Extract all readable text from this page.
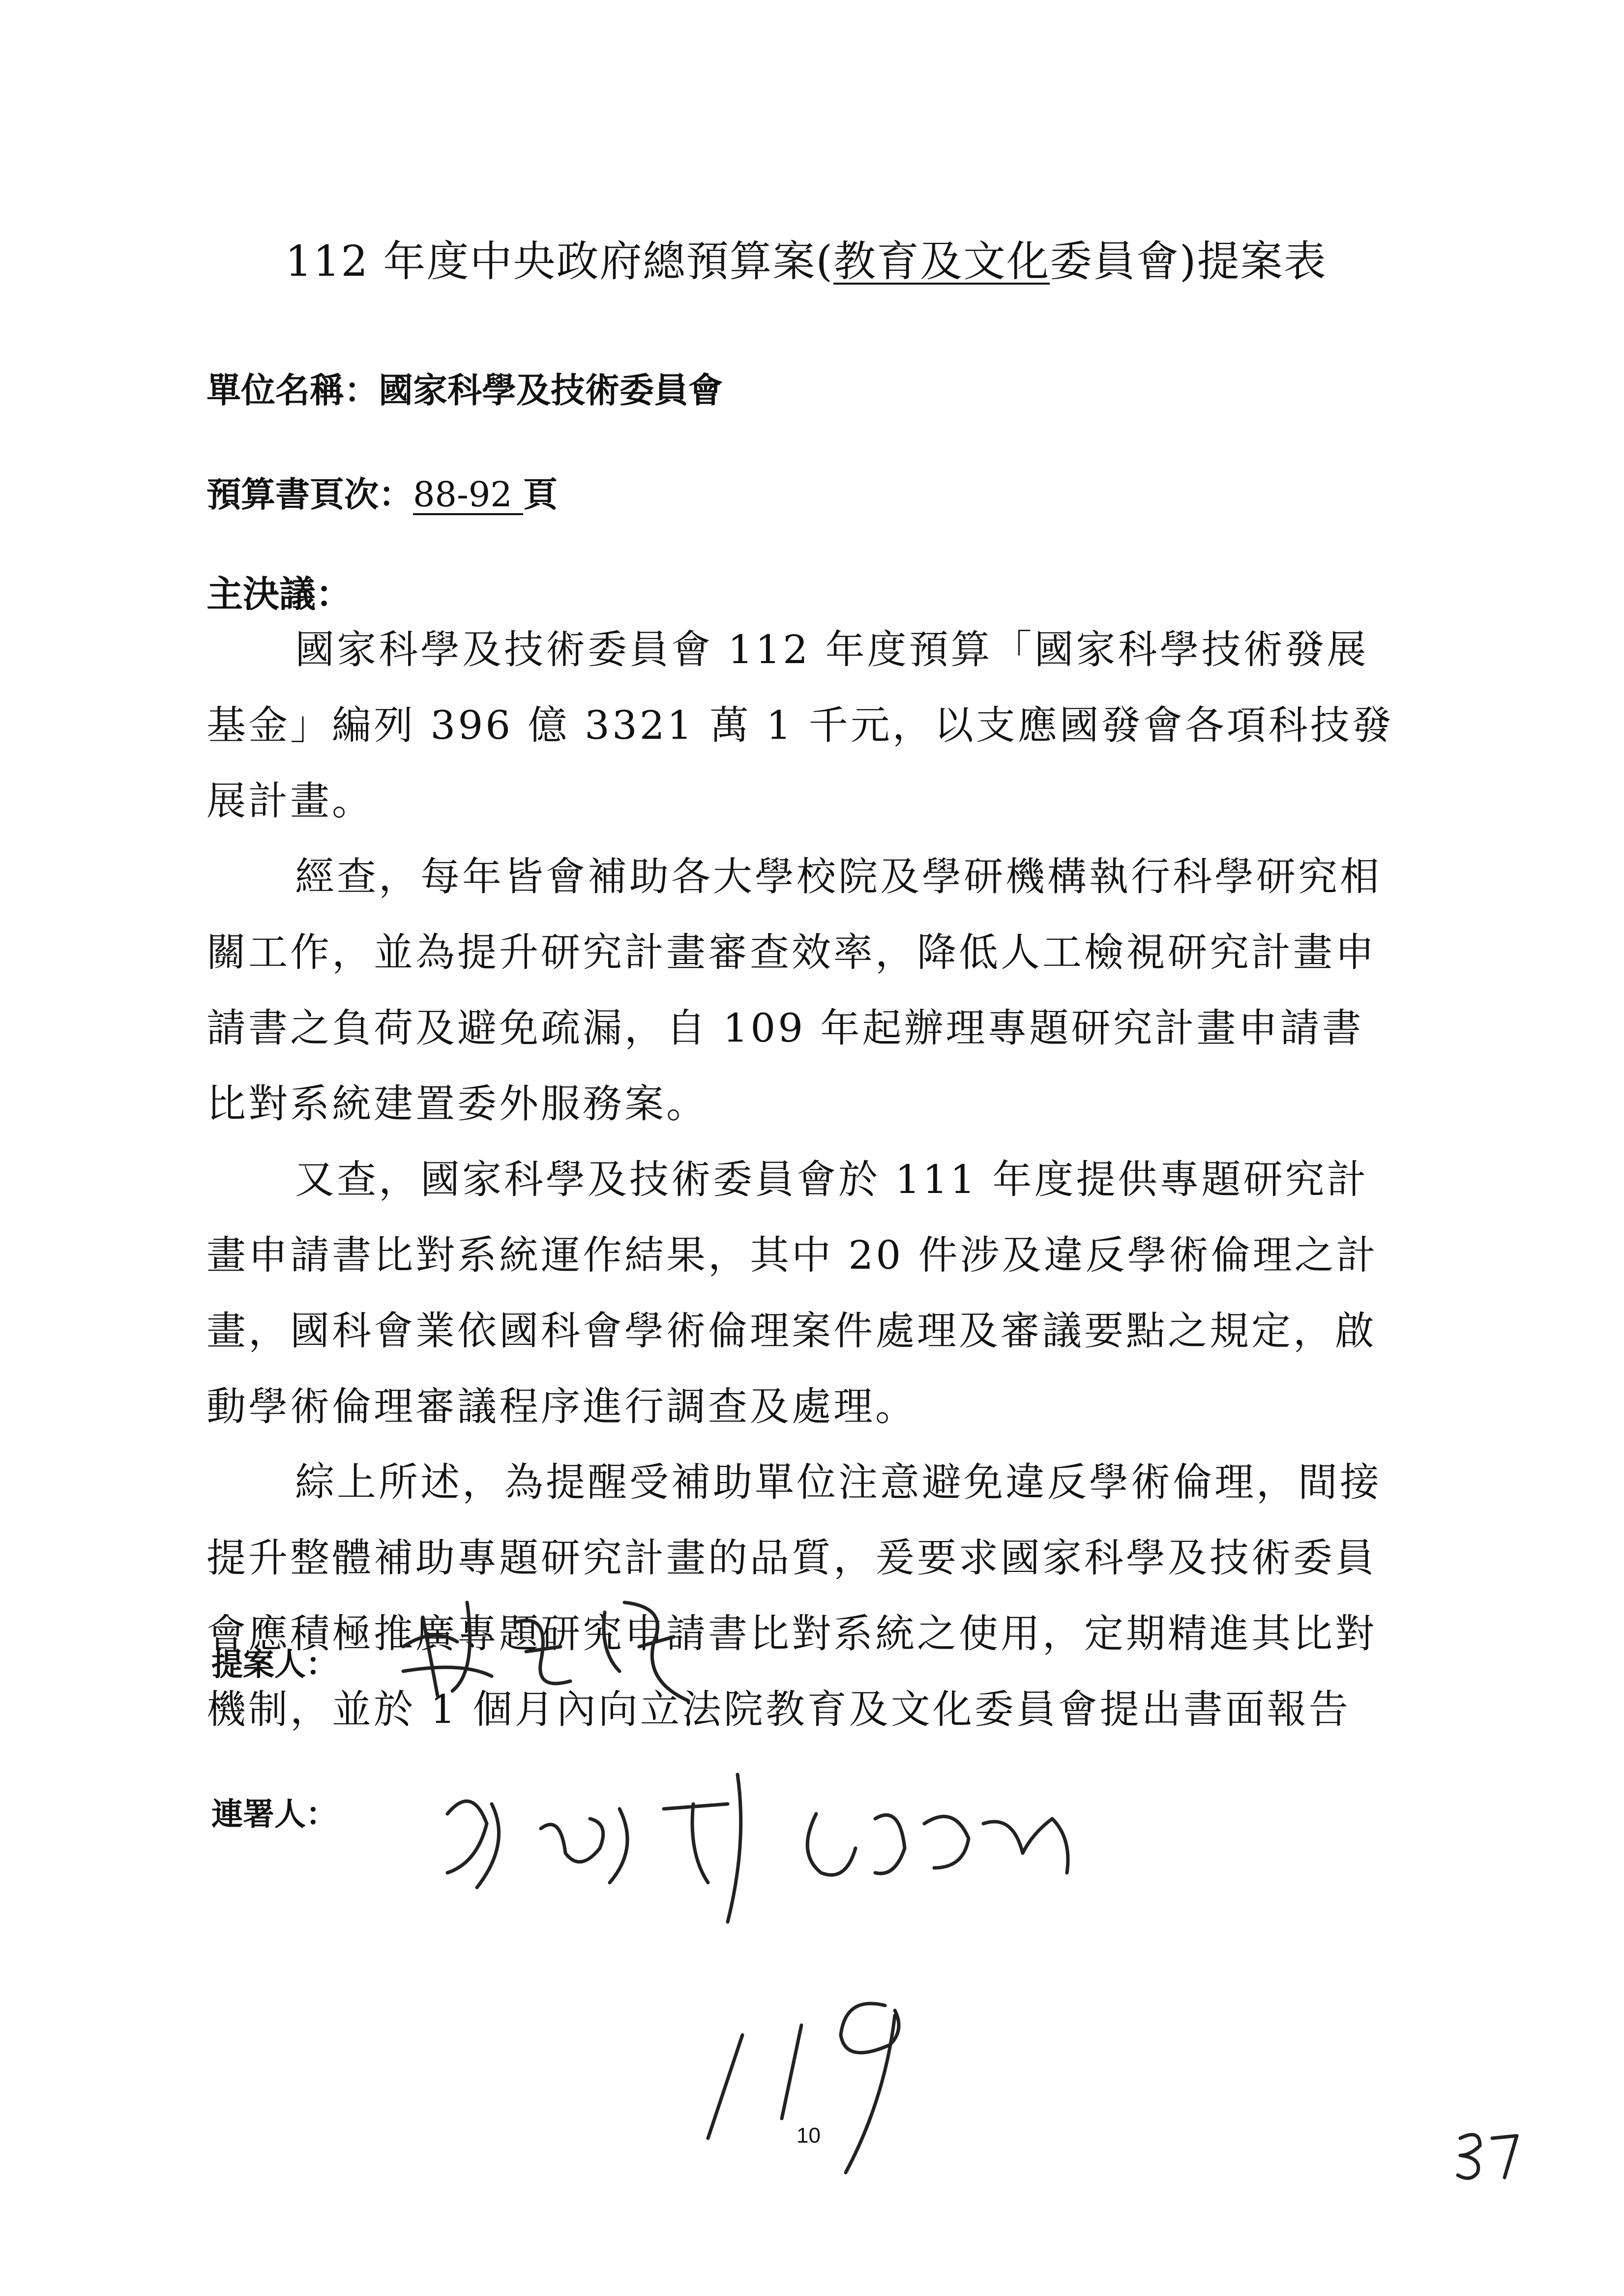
112 年度中央政府總預算案(教育及文化委員會)提案表
單位名稱：國家科學及技術委員會
預算書頁次：88-92 頁
主決議：

國家科學及技術委員會 112 年度預算「國家科學技術發展基金」編列 396 億 3321 萬 1 千元，以支應國發會各項科技發展計畫。

經查，每年皆會補助各大學校院及學研機構執行科學研究相關工作，並為提升研究計畫審查效率，降低人工檢視研究計畫申請書之負荷及避免疏漏，自 109 年起辦理專題研究計畫申請書比對系統建置委外服務案。

又查，國家科學及技術委員會於 111 年度提供專題研究計畫申請書比對系統運作結果，其中 20 件涉及違反學術倫理之計畫，國科會業依國科會學術倫理案件處理及審議要點之規定，啟動學術倫理審議程序進行調查及處理。

綜上所述，為提醒受補助單位注意避免違反學術倫理，間接提升整體補助專題研究計畫的品質，爰要求國家科學及技術委員會應積極推廣專題研究申請書比對系統之使用，定期精進其比對機制，並於 1 個月內向立法院教育及文化委員會提出書面報告

提案人：
連署人：
10
